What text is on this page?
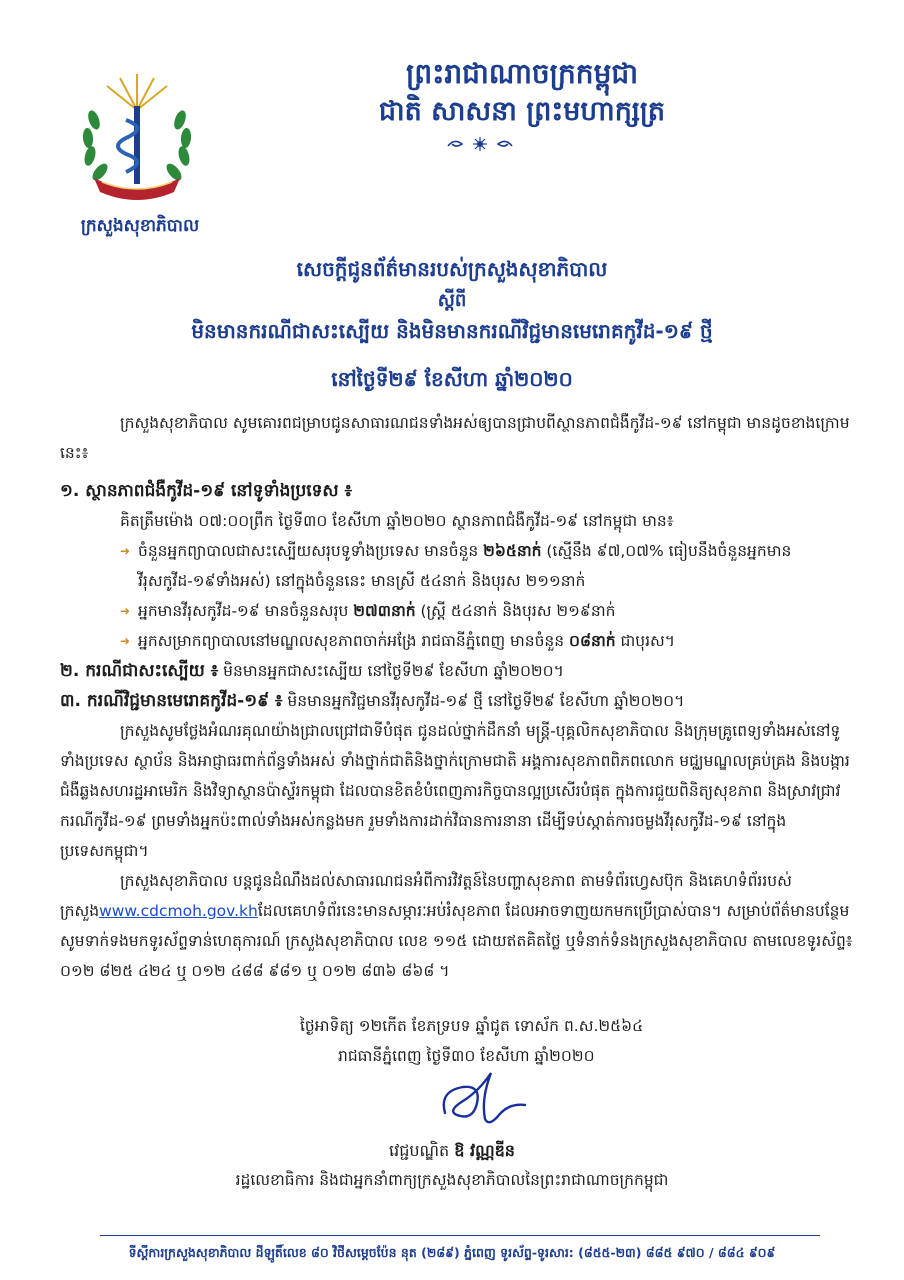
ព្រះរាជាណាចក្រកម្ពុជា
ជាតិ សាសនា ព្រះមហាក្សត្រ
ក្រសួងសុខាភិបាល
សេចក្តីជូនព័ត៌មានរបស់ក្រសួងសុខាភិបាល
ស្តីពី
មិនមានករណីជាសះស្បើយ និងមិនមានករណីវិជ្ជមានមេរោគកូវីដ-១៩ ថ្មី
នៅថ្ងៃទី២៩ ខែសីហា ឆ្នាំ២០២០

ក្រសួងសុខាភិបាល សូមគោរពជម្រាបជូនសាធារណជនទាំងអស់ឲ្យបានជ្រាបពីស្ថានភាពជំងឺកូវីដ-១៩ នៅកម្ពុជា មានដូចខាងក្រោមនេះ៖

១. ស្ថានភាពជំងឺកូវីដ-១៩ នៅទូទាំងប្រទេស ៖

គិតត្រឹមម៉ោង ០៧:០០ព្រឹក ថ្ងៃទី៣០ ខែសីហា ឆ្នាំ២០២០ ស្ថានភាពជំងឺកូវីដ-១៩ នៅកម្ពុជា មាន៖

➜ ចំនួនអ្នកព្យាបាលជាសះស្បើយសរុបទូទាំងប្រទេស មានចំនួន ២៦៥នាក់ (ស្មើនឹង ៩៧,០៧% ធៀបនឹងចំនួនអ្នកមានវីរុសកូវីដ-១៩ទាំងអស់) នៅក្នុងចំនួននេះ មានស្រី ៥៤នាក់ និងបុរស ២១១នាក់
➜ អ្នកមានវីរុសកូវីដ-១៩ មានចំនួនសរុប ២៧៣នាក់ (ស្ត្រី ៥៤នាក់ និងបុរស ២១៩នាក់
➜ អ្នកសម្រាកព្យាបាលនៅមណ្ឌលសុខភាពចាក់អង្រែ រាជធានីភ្នំពេញ មានចំនួន ០៨នាក់ ជាបុរស។

២. ករណីជាសះស្បើយ ៖ មិនមានអ្នកជាសះស្បើយ នៅថ្ងៃទី២៩ ខែសីហា ឆ្នាំ២០២០។

៣. ករណីវិជ្ជមានមេរោគកូវីដ-១៩ ៖ មិនមានអ្នកវិជ្ជមានវីរុសកូវីដ-១៩ ថ្មី នៅថ្ងៃទី២៩ ខែសីហា ឆ្នាំ២០២០។

ក្រសួងសូមថ្លែងអំណរគុណយ៉ាងជ្រាលជ្រៅជាទីបំផុត ជូនដល់ថ្នាក់ដឹកនាំ មន្ត្រី-បុគ្គលិកសុខាភិបាល និងក្រុមគ្រូពេទ្យទាំងអស់នៅទូទាំងប្រទេស ស្ថាប័ន និងអាជ្ញាធរពាក់ព័ន្ធទាំងអស់ ទាំងថ្នាក់ជាតិនិងថ្នាក់ក្រោមជាតិ អង្គការសុខភាពពិភពលោក មជ្ឈមណ្ឌលគ្រប់គ្រង និងបង្ការជំងឺឆ្លងសហរដ្ឋអាមេរិក និងវិទ្យាស្ថានប៉ាស្ទ័រកម្ពុជា ដែលបានខិតខំបំពេញភារកិច្ចបានល្អប្រសើរបំផុត ក្នុងការជួយពិនិត្យសុខភាព និងស្រាវជ្រាវករណីកូវីដ-១៩ ព្រមទាំងអ្នកប៉ះពាល់ទាំងអស់កន្លងមក រួមទាំងការដាក់វិធានការនានា ដើម្បីទប់ស្កាត់ការចម្លងវីរុសកូវីដ-១៩ នៅក្នុងប្រទេសកម្ពុជា។

ក្រសួងសុខាភិបាល បន្តជូនដំណឹងដល់សាធារណជនអំពីការវិវត្តន៍នៃបញ្ហាសុខភាព តាមទំព័រហ្វេសប៊ុក និងគេហទំព័ររបស់ក្រសួងwww.cdcmoh.gov.khដែលគេហទំព័រនេះមានសម្ភារៈអប់រំសុខភាព ដែលអាចទាញយកមកប្រើប្រាស់បាន។ សម្រាប់ព័ត៌មានបន្ថែម សូមទាក់ទងមកទូរស័ព្ទទាន់ហេតុការណ៍ ក្រសួងសុខាភិបាល លេខ ១១៥ ដោយឥតគិតថ្លៃ ឬទំនាក់ទំនងក្រសួងសុខាភិបាល តាមលេខទូរស័ព្ទ៖ ០១២ ៨២៥ ៤២៤ ឬ ០១២ ៤៨៨ ៩៨១ ឬ ០១២ ៨៣៦ ៨៦៨ ។

ថ្ងៃអាទិត្យ ១២កើត ខែភទ្របទ ឆ្នាំជូត ទោស័ក ព.ស.២៥៦៤
រាជធានីភ្នំពេញ ថ្ងៃទី៣០ ខែសីហា ឆ្នាំ២០២០
វេជ្ជបណ្ឌិត ឱ វណ្ណឌីន
រដ្ឋលេខាធិការ និងជាអ្នកនាំពាក្យក្រសួងសុខាភិបាលនៃព្រះរាជាណាចក្រកម្ពុជា
ទីស្តីការក្រសួងសុខាភិបាល ដីឡូតិ៍លេខ ៨០ វិថីសម្តេចប៉ែន នុត (២៨៩) ភ្នំពេញ ទូរស័ព្ទ-ទូរសារ: (៨៥៥-២៣) ៨៨៥ ៩៧០ / ៨៨៤ ៩០៩
